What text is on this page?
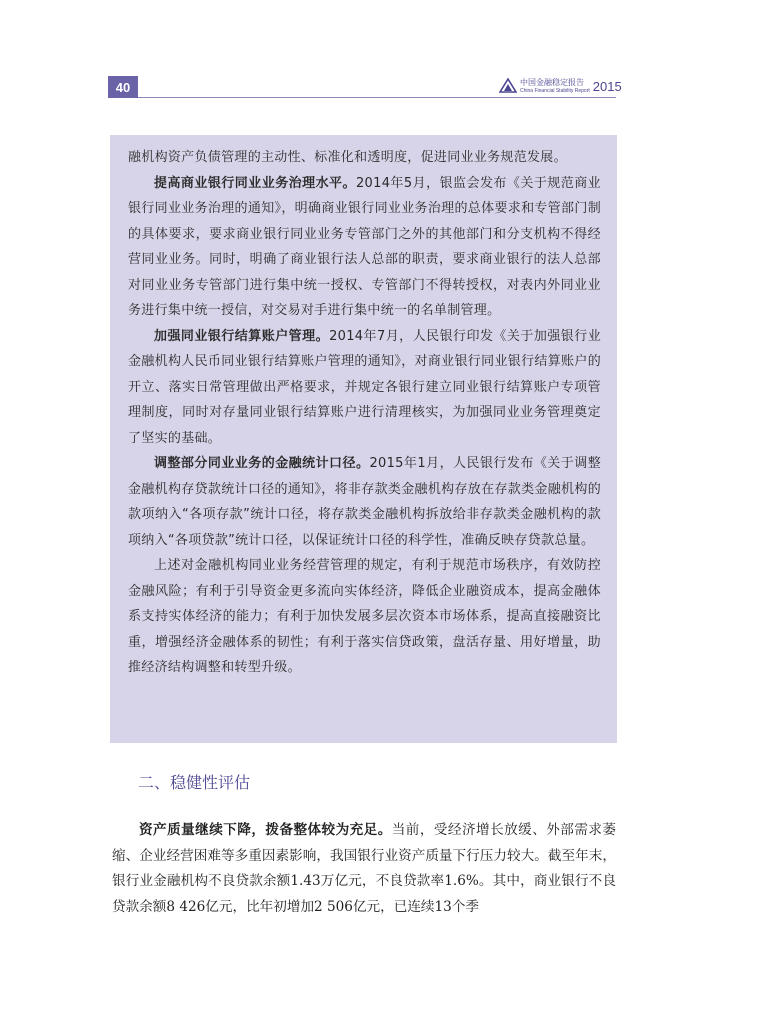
40	中国金融稳定报告
China Financial Stability Report 2015

融机构资产负债管理的主动性、标准化和透明度，促进同业业务规范发展。

提高商业银行同业业务治理水平。2014年5月，银监会发布《关于规范商业银行同业业务治理的通知》，明确商业银行同业业务治理的总体要求和专管部门制的具体要求，要求商业银行同业业务专管部门之外的其他部门和分支机构不得经营同业业务。同时，明确了商业银行法人总部的职责，要求商业银行的法人总部对同业业务专管部门进行集中统一授权、专管部门不得转授权，对表内外同业业务进行集中统一授信，对交易对手进行集中统一的名单制管理。

加强同业银行结算账户管理。2014年7月，人民银行印发《关于加强银行业金融机构人民币同业银行结算账户管理的通知》，对商业银行同业银行结算账户的开立、落实日常管理做出严格要求，并规定各银行建立同业银行结算账户专项管理制度，同时对存量同业银行结算账户进行清理核实，为加强同业业务管理奠定了坚实的基础。

调整部分同业业务的金融统计口径。2015年1月，人民银行发布《关于调整金融机构存贷款统计口径的通知》，将非存款类金融机构存放在存款类金融机构的款项纳入“各项存款”统计口径，将存款类金融机构拆放给非存款类金融机构的款项纳入“各项贷款”统计口径，以保证统计口径的科学性，准确反映存贷款总量。

上述对金融机构同业业务经营管理的规定，有利于规范市场秩序，有效防控金融风险；有利于引导资金更多流向实体经济，降低企业融资成本，提高金融体系支持实体经济的能力；有利于加快发展多层次资本市场体系，提高直接融资比重，增强经济金融体系的韧性；有利于落实信贷政策，盘活存量、用好增量，助推经济结构调整和转型升级。

二、稳健性评估

资产质量继续下降，拨备整体较为充足。当前，受经济增长放缓、外部需求萎缩、企业经营困难等多重因素影响，我国银行业资产质量下行压力较大。截至年末，银行业金融机构不良贷款余额1.43万亿元，不良贷款率1.6%。其中，商业银行不良贷款余额8 426亿元，比年初增加2 506亿元，已连续13个季
